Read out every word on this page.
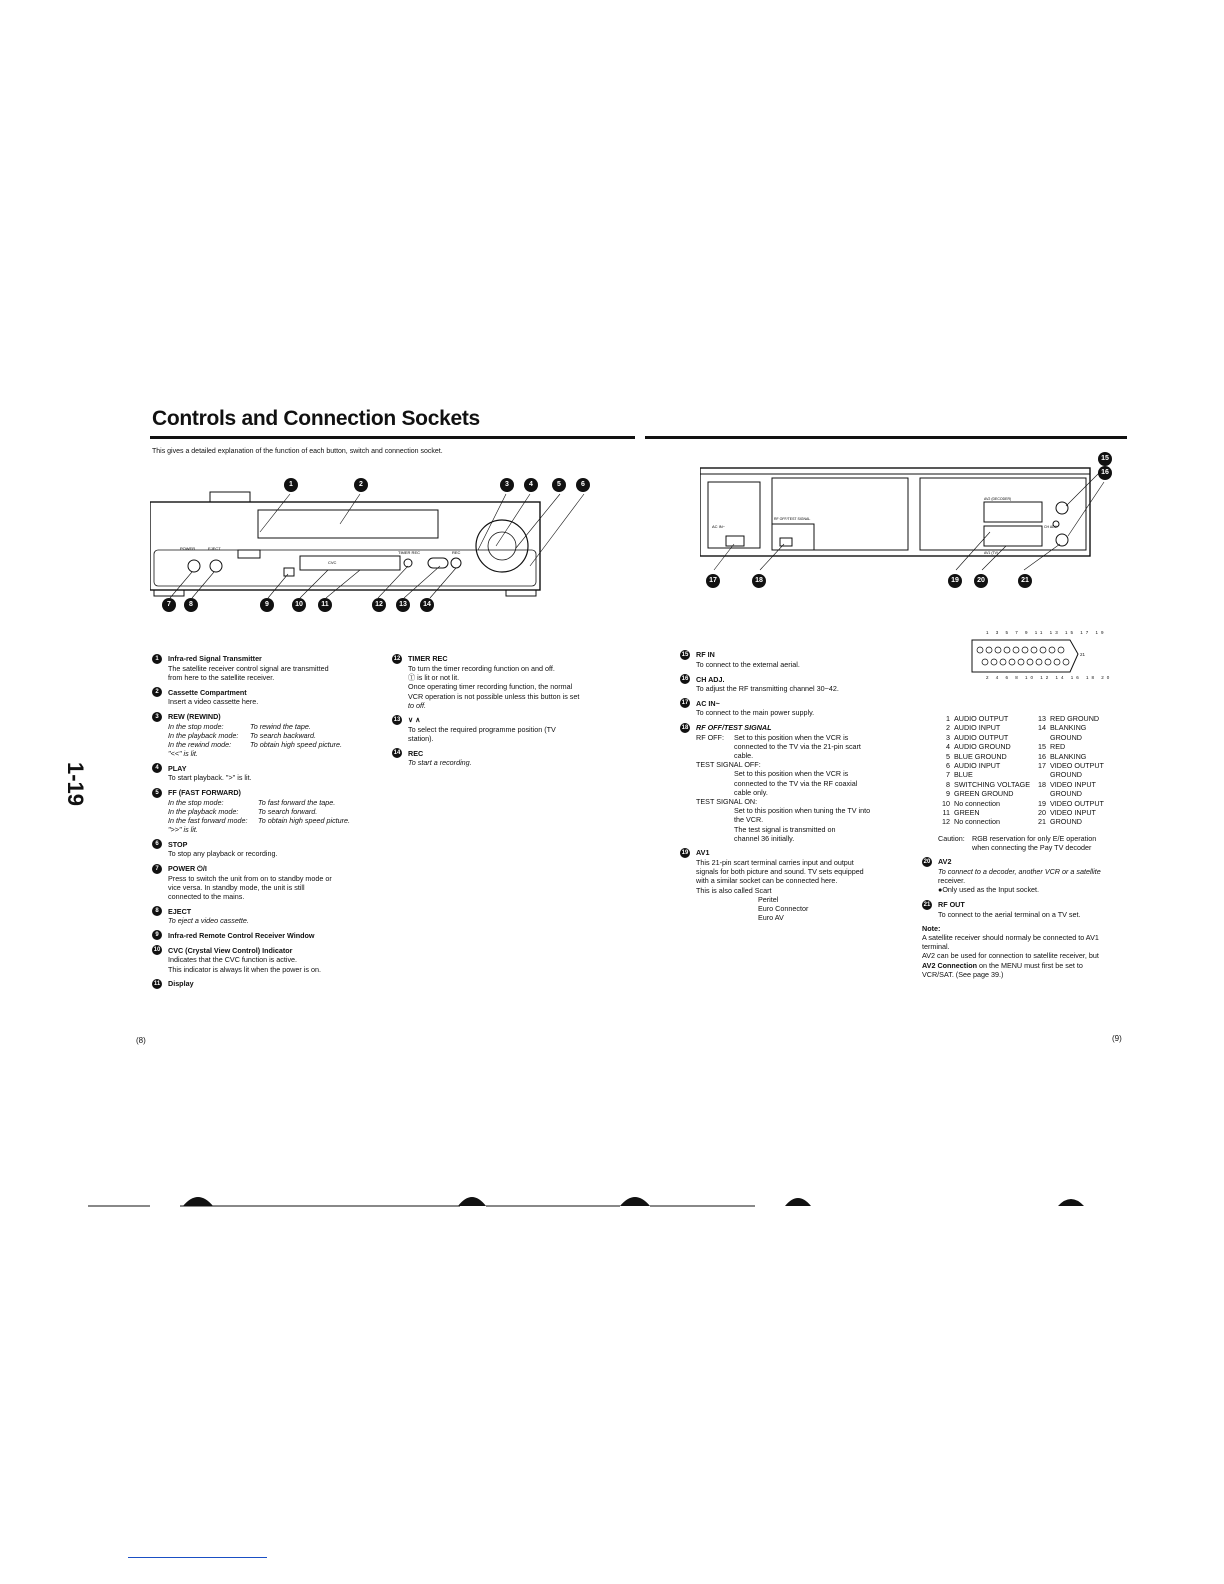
Controls and Connection Sockets
This gives a detailed explanation of the function of each button, switch and connection socket.
1-19
POWER	EJECT
CVC
TIMER REC	REC
1	2	3	4	5	6
7	8	9	10	11	12	13	14
AC IN~
RF OFF/TEST SIGNAL
AV2 (DECODER)
AV1 (TV)
CH ADJ.
15
16
17	18	19	20	21
1	Infra-red Signal Transmitter
The satellite receiver control signal are transmitted
from here to the satellite receiver.
2	Cassette Compartment
Insert a video cassette here.
3	REW (REWIND)
In the stop mode:	To rewind the tape.
In the playback mode:	To search backward.
In the rewind mode:	To obtain high speed picture.
"<<" is lit.
4	PLAY
To start playback. ">" is lit.
5	FF (FAST FORWARD)
In the stop mode:	To fast forward the tape.
In the playback mode:	To search forward.
In the fast forward mode:	To obtain high speed picture.
">>" is lit.
6	STOP
To stop any playback or recording.
7	POWER ⏻/I
Press to switch the unit from on to standby mode or
vice versa. In standby mode, the unit is still
connected to the mains.
8	EJECT
To eject a video cassette.
9	Infra-red Remote Control Receiver Window
10 CVC (Crystal View Control) Indicator
Indicates that the CVC function is active.
This indicator is always lit when the power is on.
11 Display
12 TIMER REC
To turn the timer recording function on and off.
Ⓣ is lit or not lit.
Once operating timer recording function, the normal
VCR operation is not possible unless this button is set
to off.
13 ∨ ∧
To select the required programme position (TV
station).
14 REC
To start a recording.
15 RF IN
To connect to the external aerial.
16 CH ADJ.
To adjust the RF transmitting channel 30~42.
17 AC IN~
To connect to the main power supply.
18 RF OFF/TEST SIGNAL
RF OFF:	Set to this position when the VCR is
connected to the TV via the 21-pin scart
cable.
TEST SIGNAL OFF:
Set to this position when the VCR is
connected to the TV via the RF coaxial
cable only.
TEST SIGNAL ON:
Set to this position when tuning the TV into
the VCR.
The test signal is transmitted on
channel 36 initially.
19 AV1
This 21-pin scart terminal carries input and output
signals for both picture and sound. TV sets equipped
with a similar socket can be connected here.
This is also called Scart
Peritel
Euro Connector
Euro AV
1 3 5 7 9 11 13 15 17 19
21
2 4 6 8 10 12 14 16 18 20
1 AUDIO OUTPUT	13 RED GROUND
2 AUDIO INPUT	14 BLANKING
3 AUDIO OUTPUT	GROUND
4 AUDIO GROUND	15 RED
5 BLUE GROUND	16 BLANKING
6 AUDIO INPUT	17 VIDEO OUTPUT
7 BLUE	GROUND
8 SWITCHING VOLTAGE	18 VIDEO INPUT
9 GREEN GROUND	GROUND
10 No connection	19 VIDEO OUTPUT
11 GREEN	20 VIDEO INPUT
12 No connection	21 GROUND
Caution:	RGB reservation for only E/E operation
when connecting the Pay TV decoder
20 AV2
To connect to a decoder, another VCR or a satellite
receiver.
●Only used as the Input socket.
21 RF OUT
To connect to the aerial terminal on a TV set.
Note:
A satellite receiver should normaly be connected to AV1
terminal.
AV2 can be used for connection to satellite receiver, but
AV2 Connection on the MENU must first be set to
VCR/SAT. (See page 39.)
(8)	(9)
